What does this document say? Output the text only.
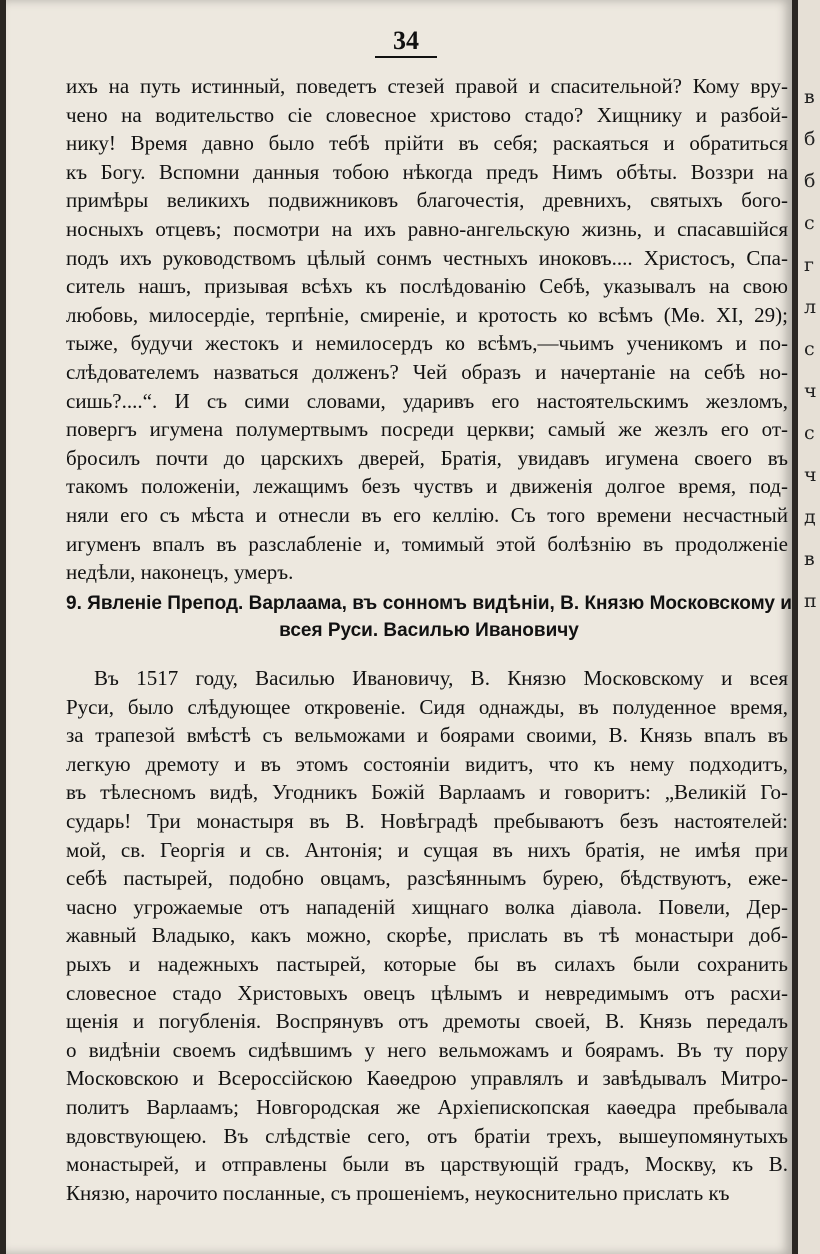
34
ихъ на путь истинный, поведетъ стезей правой и спасительной? Кому вру-
чено на водительство сіе словесное христово стадо? Хищнику и разбой-
нику! Время давно было тебѣ прійти въ себя; раскаяться и обратиться
къ Богу. Вспомни данныя тобою нѣкогда предъ Нимъ обѣты. Воззри на
примѣры великихъ подвижниковъ благочестія, древнихъ, святыхъ бого-
носныхъ отцевъ; посмотри на ихъ равно-ангельскую жизнь, и спасавшійся
подъ ихъ руководствомъ цѣлый сонмъ честныхъ иноковъ.... Христосъ, Спа-
ситель нашъ, призывая всѣхъ къ послѣдованію Себѣ, указывалъ на свою
любовь, милосердіе, терпѣніе, смиреніе, и кротость ко всѣмъ (Мѳ. XI, 29);
тыже, будучи жестокъ и немилосердъ ко всѣмъ,—чьимъ ученикомъ и по-
слѣдователемъ назваться долженъ? Чей образъ и начертаніе на себѣ но-
сишь?....“. И съ сими словами, ударивъ его настоятельскимъ жезломъ,
повергъ игумена полумертвымъ посреди церкви; самый же жезлъ его от-
бросилъ почти до царскихъ дверей, Братія, увидавъ игумена своего въ
такомъ положеніи, лежащимъ безъ чуствъ и движенія долгое время, под-
няли его съ мѣста и отнесли въ его келлію. Съ того времени несчастный
игуменъ впалъ въ разслабленіе и, томимый этой болѣзнію въ продолженіе
недѣли, наконецъ, умеръ.
9. Явленіе Препод. Варлаама, въ сонномъ видѣніи, В. Князю Московскому и
всея Руси. Василью Ивановичу
Въ 1517 году, Василью Ивановичу, В. Князю Московскому и всея
Руси, было слѣдующее откровеніе. Сидя однажды, въ полуденное время,
за трапезой вмѣстѣ съ вельможами и боярами своими, В. Князь впалъ въ
легкую дремоту и въ этомъ состояніи видитъ, что къ нему подходитъ,
въ тѣлесномъ видѣ, Угодникъ Божій Варлаамъ и говоритъ: „Великій Го-
сударь! Три монастыря въ В. Новѣградѣ пребываютъ безъ настоятелей:
мой, св. Георгія и св. Антонія; и сущая въ нихъ братія, не имѣя при
себѣ пастырей, подобно овцамъ, разсѣяннымъ бурею, бѣдствуютъ, еже-
часно угрожаемые отъ нападеній хищнаго волка діавола. Повели, Дер-
жавный Владыко, какъ можно, скорѣе, прислать въ тѣ монастыри доб-
рыхъ и надежныхъ пастырей, которые бы въ силахъ были сохранить
словесное стадо Христовыхъ овецъ цѣлымъ и невредимымъ отъ расхи-
щенія и погубленія. Воспрянувъ отъ дремоты своей, В. Князь передалъ
о видѣніи своемъ сидѣвшимъ у него вельможамъ и боярамъ. Въ ту пору
Московскою и Всероссійскою Каѳедрою управлялъ и завѣдывалъ Митро-
политъ Варлаамъ; Новгородская же Архіепископская каѳедра пребывала
вдовствующею. Въ слѣдствіе сего, отъ братіи трехъ, вышеупомянутыхъ
монастырей, и отправлены были въ царствующій градъ, Москву, къ В.
Князю, нарочито посланные, съ прошеніемъ, неукоснительно прислать къ
в
б
б
с
г
л
с
ч
с
ч
д
в
п
